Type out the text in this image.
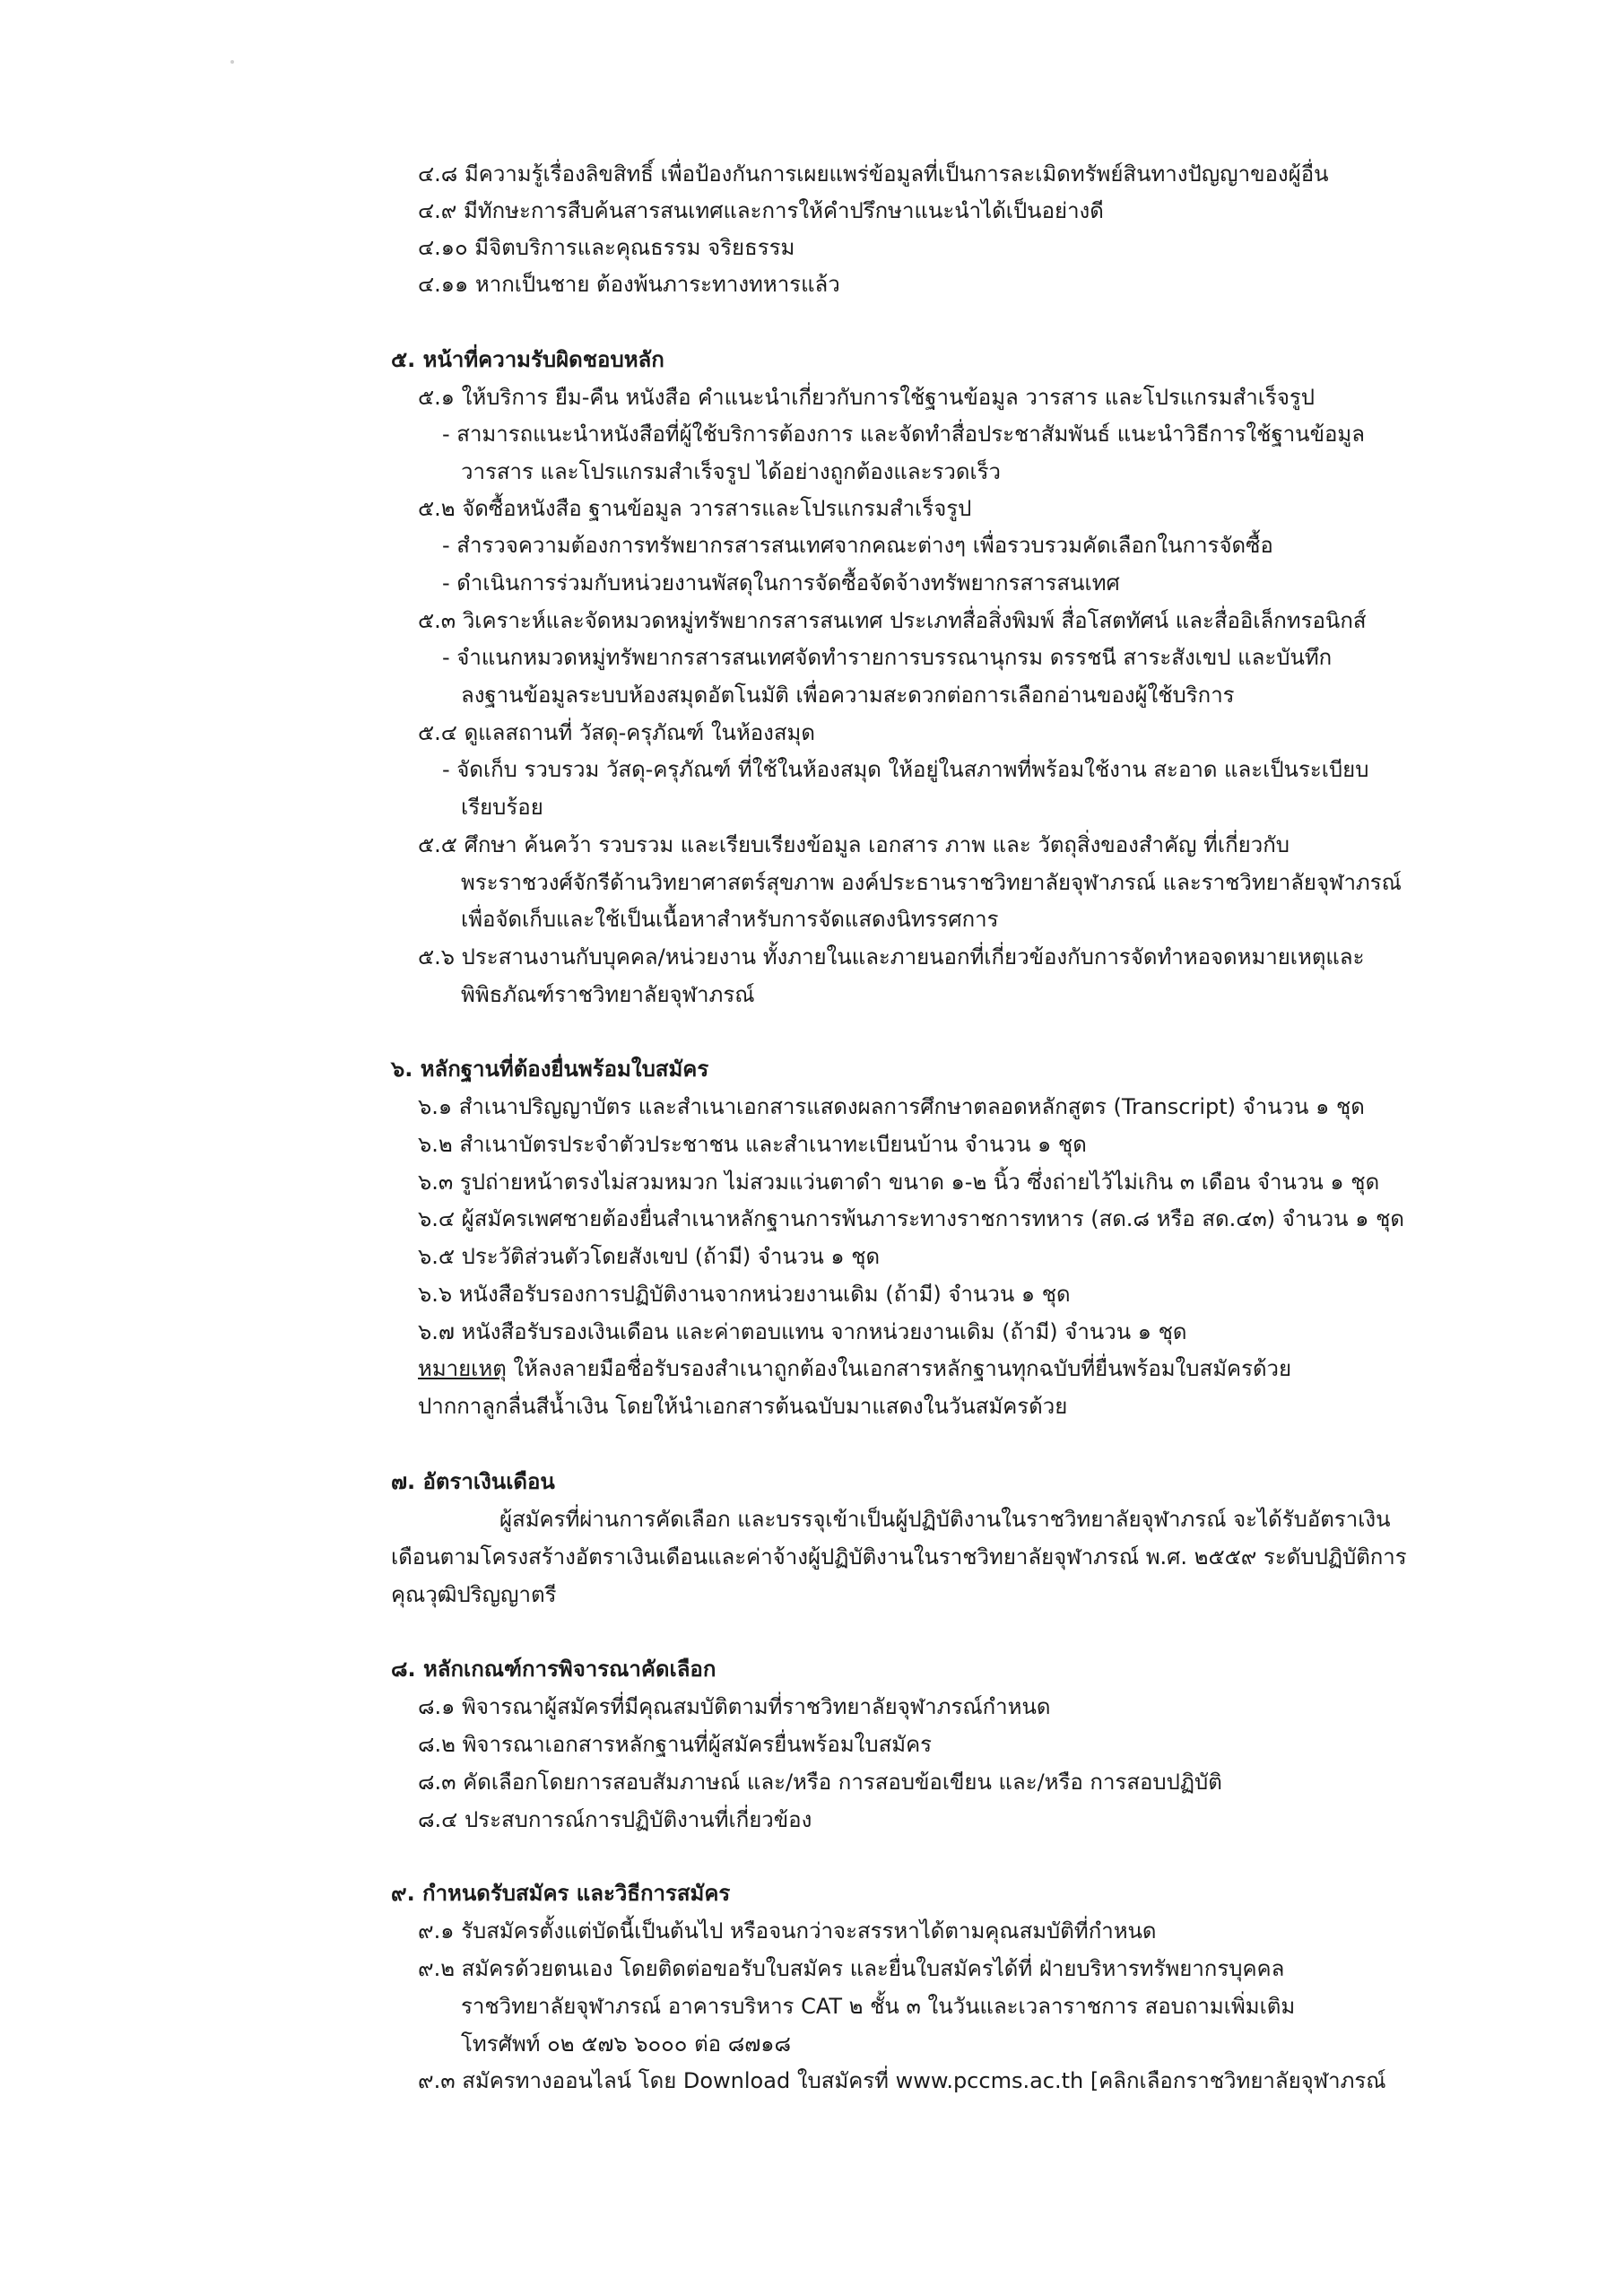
๔.๘ มีความรู้เรื่องลิขสิทธิ์ เพื่อป้องกันการเผยแพร่ข้อมูลที่เป็นการละเมิดทรัพย์สินทางปัญญาของผู้อื่น
๔.๙ มีทักษะการสืบค้นสารสนเทศและการให้คำปรึกษาแนะนำได้เป็นอย่างดี
๔.๑๐ มีจิตบริการและคุณธรรม จริยธรรม
๔.๑๑ หากเป็นชาย ต้องพ้นภาระทางทหารแล้ว
๕. หน้าที่ความรับผิดชอบหลัก
๕.๑ ให้บริการ ยืม-คืน หนังสือ คำแนะนำเกี่ยวกับการใช้ฐานข้อมูล วารสาร และโปรแกรมสำเร็จรูป
- สามารถแนะนำหนังสือที่ผู้ใช้บริการต้องการ และจัดทำสื่อประชาสัมพันธ์ แนะนำวิธีการใช้ฐานข้อมูล
วารสาร และโปรแกรมสำเร็จรูป ได้อย่างถูกต้องและรวดเร็ว
๕.๒ จัดซื้อหนังสือ ฐานข้อมูล วารสารและโปรแกรมสำเร็จรูป
- สำรวจความต้องการทรัพยากรสารสนเทศจากคณะต่างๆ เพื่อรวบรวมคัดเลือกในการจัดซื้อ
- ดำเนินการร่วมกับหน่วยงานพัสดุในการจัดซื้อจัดจ้างทรัพยากรสารสนเทศ
๕.๓ วิเคราะห์และจัดหมวดหมู่ทรัพยากรสารสนเทศ ประเภทสื่อสิ่งพิมพ์ สื่อโสตทัศน์ และสื่ออิเล็กทรอนิกส์
- จำแนกหมวดหมู่ทรัพยากรสารสนเทศจัดทำรายการบรรณานุกรม ดรรชนี สาระสังเขป และบันทึก
ลงฐานข้อมูลระบบห้องสมุดอัตโนมัติ เพื่อความสะดวกต่อการเลือกอ่านของผู้ใช้บริการ
๕.๔ ดูแลสถานที่ วัสดุ-ครุภัณฑ์ ในห้องสมุด
- จัดเก็บ รวบรวม วัสดุ-ครุภัณฑ์ ที่ใช้ในห้องสมุด ให้อยู่ในสภาพที่พร้อมใช้งาน สะอาด และเป็นระเบียบ
เรียบร้อย
๕.๕ ศึกษา ค้นคว้า รวบรวม และเรียบเรียงข้อมูล เอกสาร ภาพ และ วัตถุสิ่งของสำคัญ ที่เกี่ยวกับ
พระราชวงศ์จักรีด้านวิทยาศาสตร์สุขภาพ องค์ประธานราชวิทยาลัยจุฬาภรณ์ และราชวิทยาลัยจุฬาภรณ์
เพื่อจัดเก็บและใช้เป็นเนื้อหาสำหรับการจัดแสดงนิทรรศการ
๕.๖ ประสานงานกับบุคคล/หน่วยงาน ทั้งภายในและภายนอกที่เกี่ยวข้องกับการจัดทำหอจดหมายเหตุและ
พิพิธภัณฑ์ราชวิทยาลัยจุฬาภรณ์
๖. หลักฐานที่ต้องยื่นพร้อมใบสมัคร
๖.๑ สำเนาปริญญาบัตร และสำเนาเอกสารแสดงผลการศึกษาตลอดหลักสูตร (Transcript) จำนวน ๑ ชุด
๖.๒ สำเนาบัตรประจำตัวประชาชน และสำเนาทะเบียนบ้าน จำนวน ๑ ชุด
๖.๓ รูปถ่ายหน้าตรงไม่สวมหมวก ไม่สวมแว่นตาดำ ขนาด ๑-๒ นิ้ว ซึ่งถ่ายไว้ไม่เกิน ๓ เดือน จำนวน ๑ ชุด
๖.๔ ผู้สมัครเพศชายต้องยื่นสำเนาหลักฐานการพ้นภาระทางราชการทหาร (สด.๘ หรือ สด.๔๓) จำนวน ๑ ชุด
๖.๕ ประวัติส่วนตัวโดยสังเขป (ถ้ามี) จำนวน ๑ ชุด
๖.๖ หนังสือรับรองการปฏิบัติงานจากหน่วยงานเดิม (ถ้ามี) จำนวน ๑ ชุด
๖.๗ หนังสือรับรองเงินเดือน และค่าตอบแทน จากหน่วยงานเดิม (ถ้ามี) จำนวน ๑ ชุด
หมายเหตุ ให้ลงลายมือชื่อรับรองสำเนาถูกต้องในเอกสารหลักฐานทุกฉบับที่ยื่นพร้อมใบสมัครด้วย
ปากกาลูกลื่นสีน้ำเงิน โดยให้นำเอกสารต้นฉบับมาแสดงในวันสมัครด้วย
๗. อัตราเงินเดือน
ผู้สมัครที่ผ่านการคัดเลือก และบรรจุเข้าเป็นผู้ปฏิบัติงานในราชวิทยาลัยจุฬาภรณ์ จะได้รับอัตราเงิน
เดือนตามโครงสร้างอัตราเงินเดือนและค่าจ้างผู้ปฏิบัติงานในราชวิทยาลัยจุฬาภรณ์ พ.ศ. ๒๕๕๙ ระดับปฏิบัติการ
คุณวุฒิปริญญาตรี
๘. หลักเกณฑ์การพิจารณาคัดเลือก
๘.๑ พิจารณาผู้สมัครที่มีคุณสมบัติตามที่ราชวิทยาลัยจุฬาภรณ์กำหนด
๘.๒ พิจารณาเอกสารหลักฐานที่ผู้สมัครยื่นพร้อมใบสมัคร
๘.๓ คัดเลือกโดยการสอบสัมภาษณ์ และ/หรือ การสอบข้อเขียน และ/หรือ การสอบปฏิบัติ
๘.๔ ประสบการณ์การปฏิบัติงานที่เกี่ยวข้อง
๙. กำหนดรับสมัคร และวิธีการสมัคร
๙.๑ รับสมัครตั้งแต่บัดนี้เป็นต้นไป หรือจนกว่าจะสรรหาได้ตามคุณสมบัติที่กำหนด
๙.๒ สมัครด้วยตนเอง โดยติดต่อขอรับใบสมัคร และยื่นใบสมัครได้ที่ ฝ่ายบริหารทรัพยากรบุคคล
ราชวิทยาลัยจุฬาภรณ์ อาคารบริหาร CAT ๒ ชั้น ๓ ในวันและเวลาราชการ สอบถามเพิ่มเติม
โทรศัพท์ ๐๒ ๕๗๖ ๖๐๐๐ ต่อ ๘๗๑๘
๙.๓ สมัครทางออนไลน์ โดย Download ใบสมัครที่ www.pccms.ac.th [คลิกเลือกราชวิทยาลัยจุฬาภรณ์
